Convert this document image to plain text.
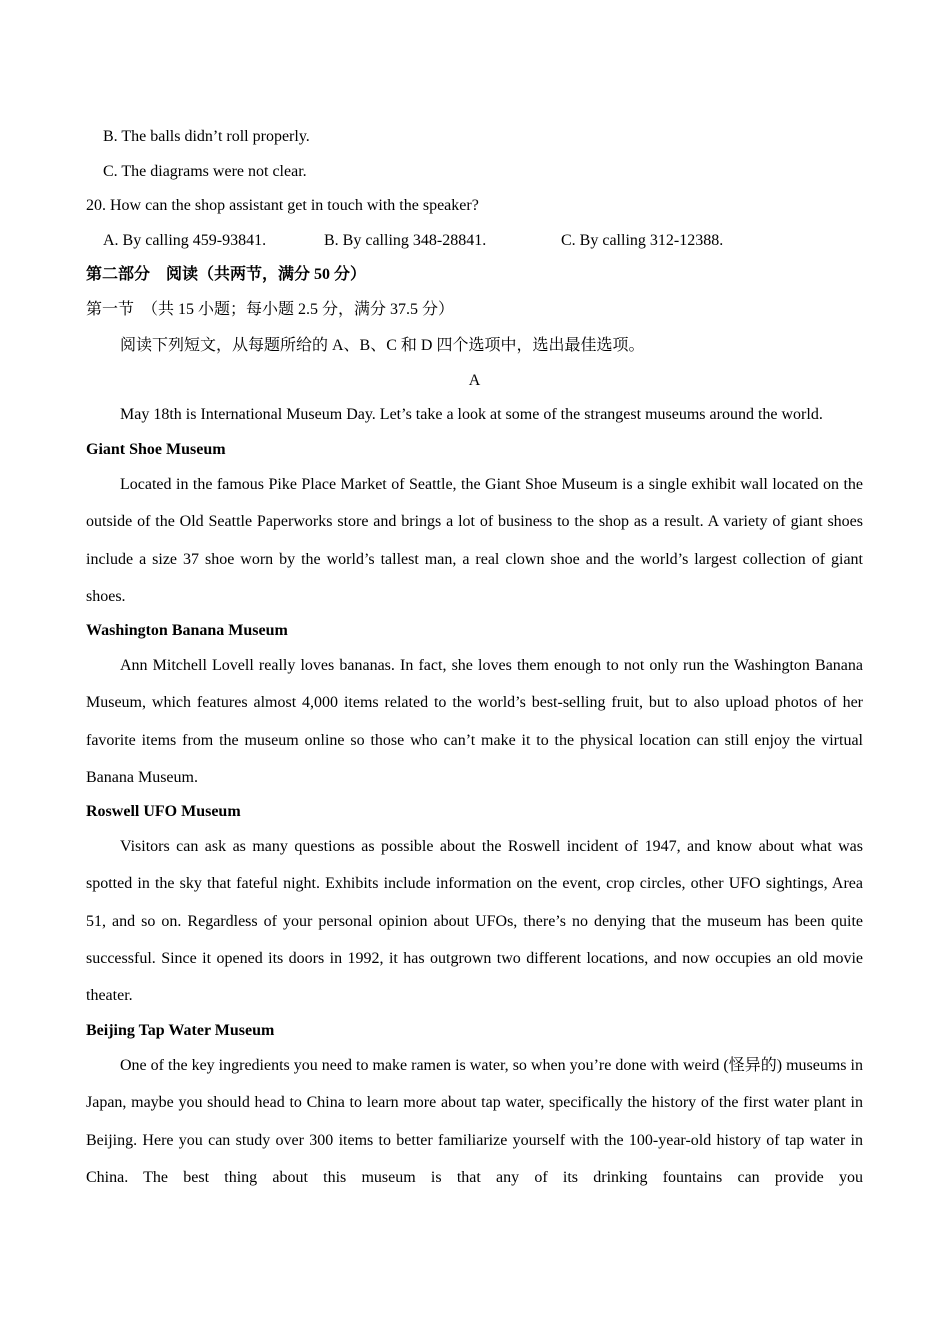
B. The balls didn’t roll properly.
C. The diagrams were not clear.
20. How can the shop assistant get in touch with the speaker?
A. By calling 459-93841.	B. By calling 348-28841.	C. By calling 312-12388.
第二部分　阅读（共两节，满分 50 分）
第一节　（共 15 小题；每小题 2.5 分，满分 37.5 分）
阅读下列短文，从每题所给的 A、B、C 和 D 四个选项中，选出最佳选项。
A
May 18th is International Museum Day. Let’s take a look at some of the strangest museums around the world.
Giant Shoe Museum

Located in the famous Pike Place Market of Seattle, the Giant Shoe Museum is a single exhibit wall located on the outside of the Old Seattle Paperworks store and brings a lot of business to the shop as a result. A variety of giant shoes include a size 37 shoe worn by the world’s tallest man, a real clown shoe and the world’s largest collection of giant shoes.

Washington Banana Museum

Ann Mitchell Lovell really loves bananas. In fact, she loves them enough to not only run the Washington Banana Museum, which features almost 4,000 items related to the world’s best-selling fruit, but to also upload photos of her favorite items from the museum online so those who can’t make it to the physical location can still enjoy the virtual Banana Museum.

Roswell UFO Museum

Visitors can ask as many questions as possible about the Roswell incident of 1947, and know about what was spotted in the sky that fateful night. Exhibits include information on the event, crop circles, other UFO sightings, Area 51, and so on. Regardless of your personal opinion about UFOs, there’s no denying that the museum has been quite successful. Since it opened its doors in 1992, it has outgrown two different locations, and now occupies an old movie theater.

Beijing Tap Water Museum

One of the key ingredients you need to make ramen is water, so when you’re done with weird (怪异的) museums in Japan, maybe you should head to China to learn more about tap water, specifically the history of the first water plant in Beijing. Here you can study over 300 items to better familiarize yourself with the 100-year-old history of tap water in China. The best thing about this museum is that any of its drinking fountains can provide you
